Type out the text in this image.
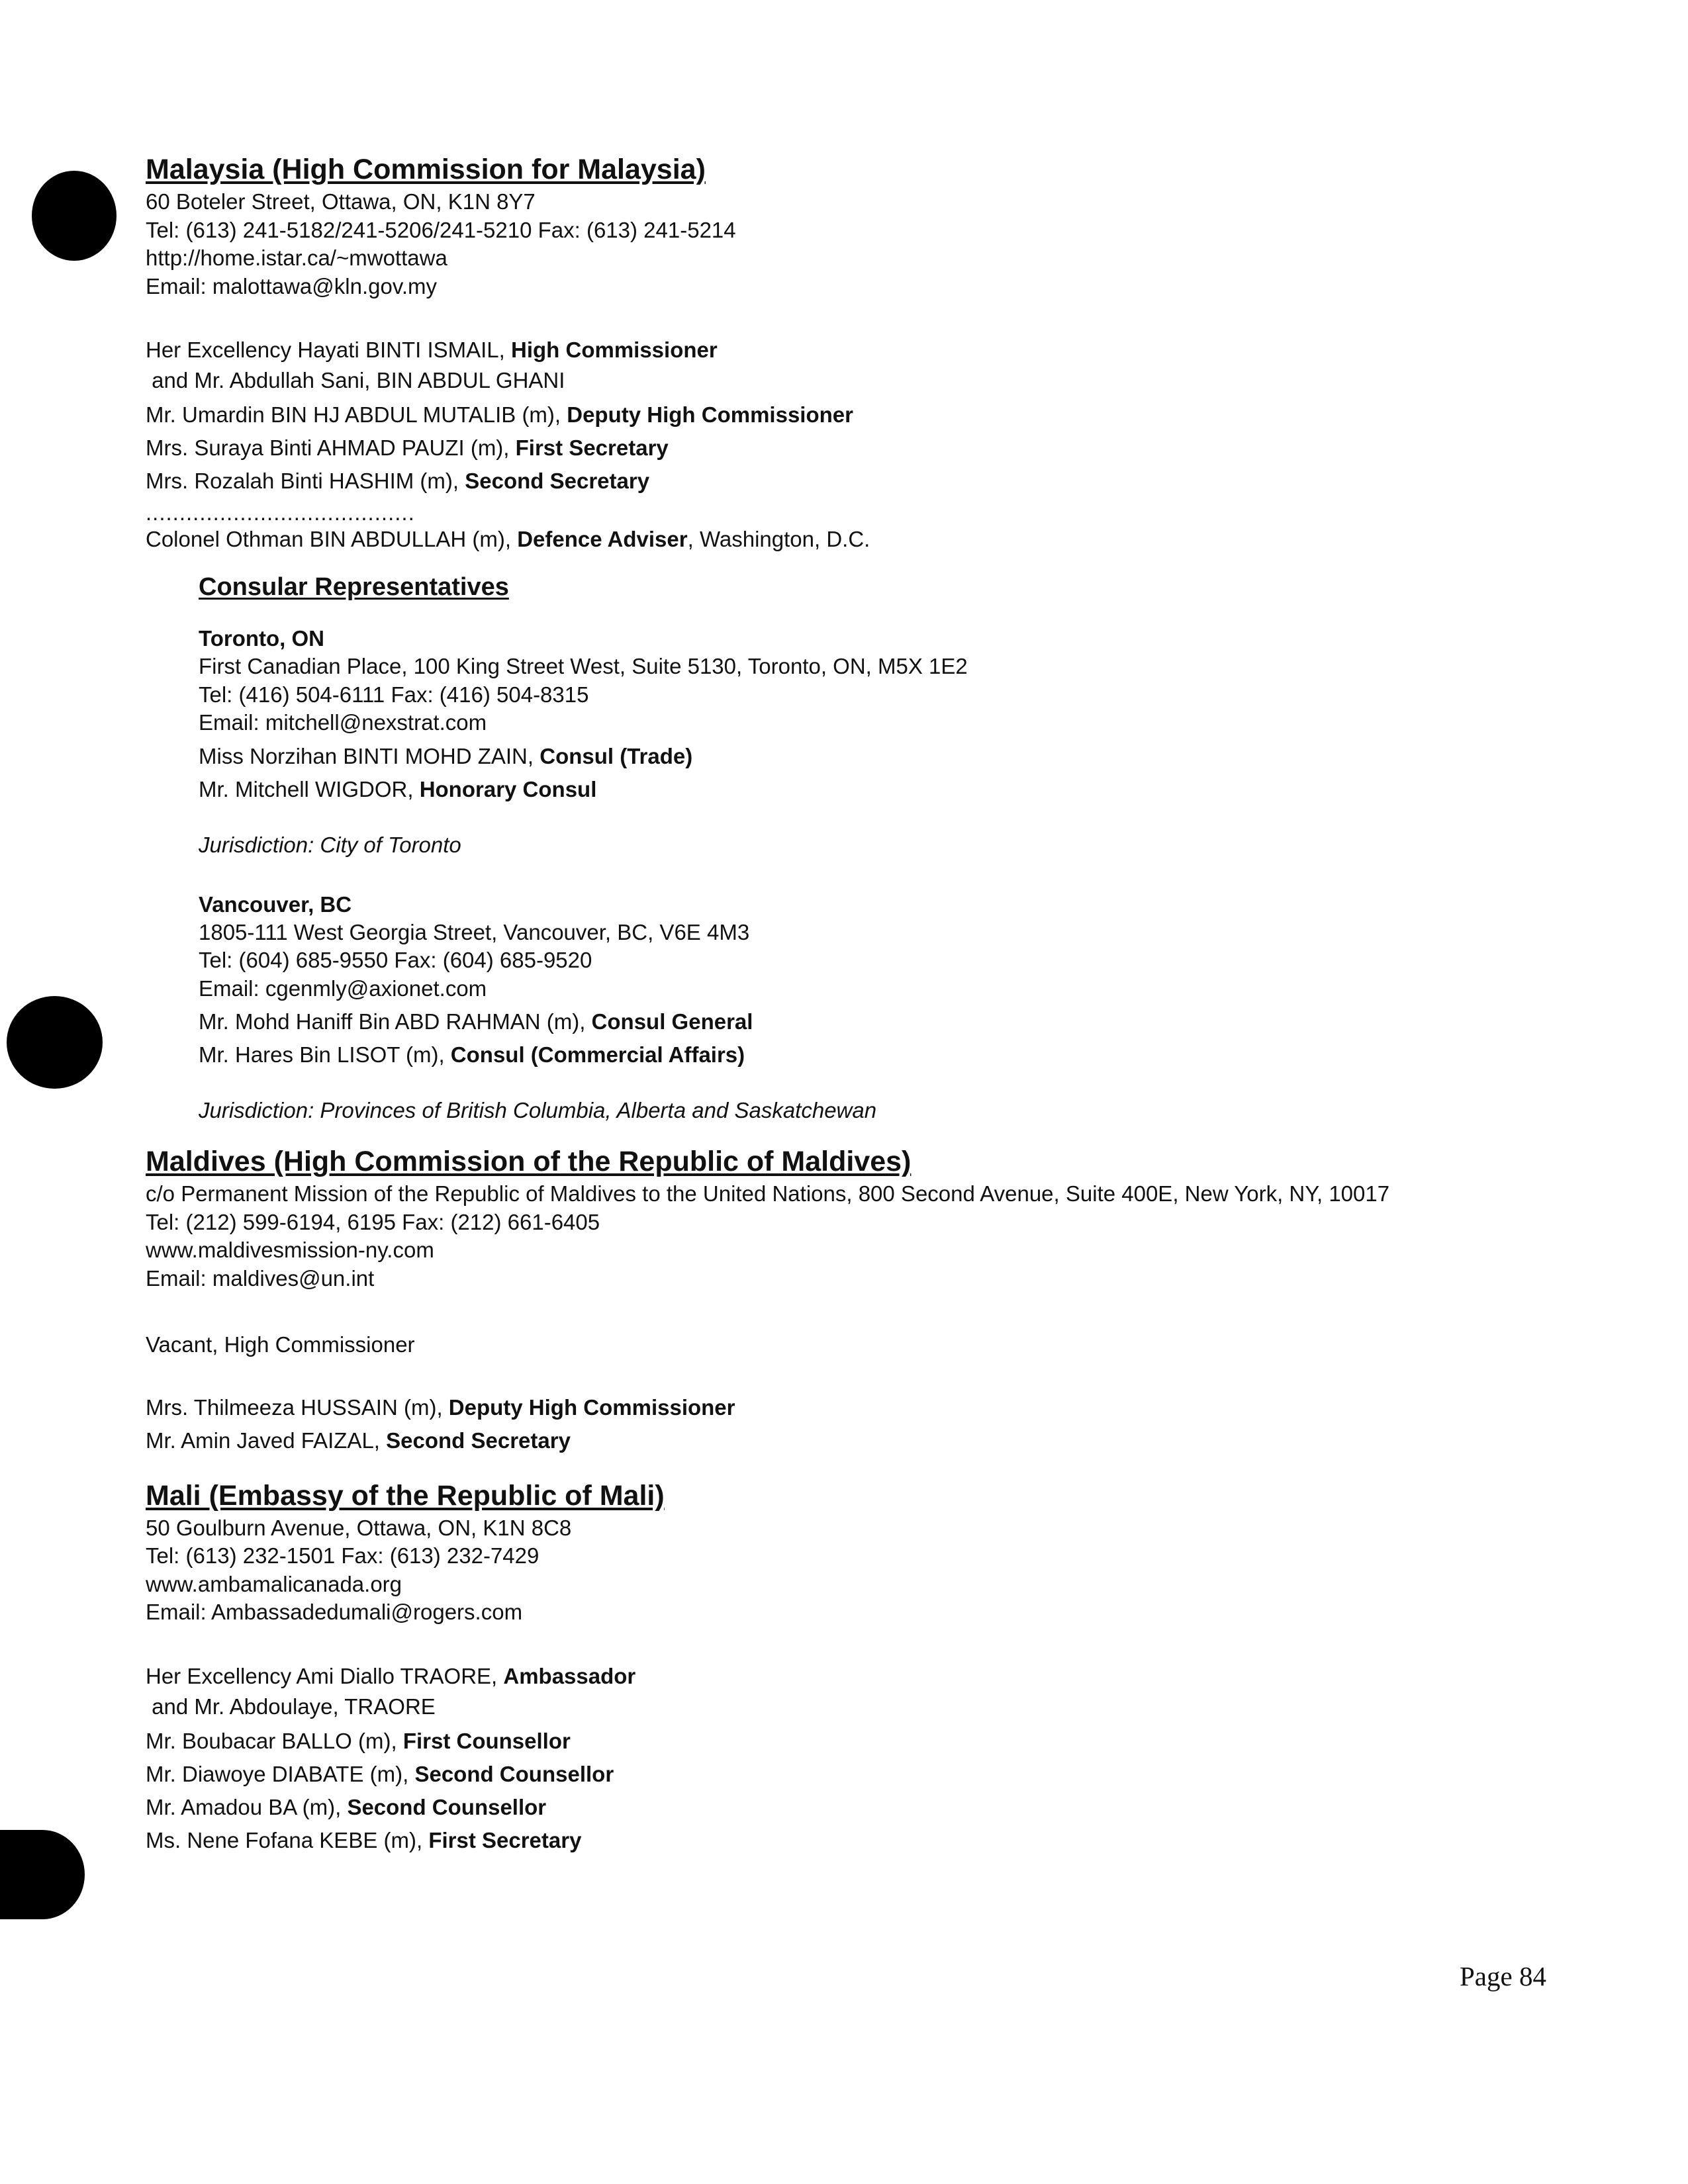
Malaysia (High Commission for Malaysia)
60 Boteler Street, Ottawa, ON, K1N 8Y7
Tel: (613) 241-5182/241-5206/241-5210 Fax: (613) 241-5214
http://home.istar.ca/~mwottawa
Email: malottawa@kln.gov.my
Her Excellency Hayati BINTI ISMAIL, High Commissioner
and Mr. Abdullah Sani, BIN ABDUL GHANI
Mr. Umardin BIN HJ ABDUL MUTALIB (m), Deputy High Commissioner
Mrs. Suraya Binti AHMAD PAUZI (m), First Secretary
Mrs. Rozalah Binti HASHIM (m), Second Secretary
........................................
Colonel Othman BIN ABDULLAH (m), Defence Adviser, Washington, D.C.
Consular Representatives
Toronto, ON
First Canadian Place, 100 King Street West, Suite 5130, Toronto, ON, M5X 1E2
Tel: (416) 504-6111 Fax: (416) 504-8315
Email: mitchell@nexstrat.com
Miss Norzihan BINTI MOHD ZAIN, Consul (Trade)
Mr. Mitchell WIGDOR, Honorary Consul
Jurisdiction: City of Toronto
Vancouver, BC
1805-111 West Georgia Street, Vancouver, BC, V6E 4M3
Tel: (604) 685-9550 Fax: (604) 685-9520
Email: cgenmly@axionet.com
Mr. Mohd Haniff Bin ABD RAHMAN (m), Consul General
Mr. Hares Bin LISOT (m), Consul (Commercial Affairs)
Jurisdiction: Provinces of British Columbia, Alberta and Saskatchewan
Maldives (High Commission of the Republic of Maldives)
c/o Permanent Mission of the Republic of Maldives to the United Nations, 800 Second Avenue, Suite 400E, New York, NY, 10017
Tel: (212) 599-6194, 6195 Fax: (212) 661-6405
www.maldivesmission-ny.com
Email: maldives@un.int
Vacant, High Commissioner
Mrs. Thilmeeza HUSSAIN (m), Deputy High Commissioner
Mr. Amin Javed FAIZAL, Second Secretary
Mali (Embassy of the Republic of Mali)
50 Goulburn Avenue, Ottawa, ON, K1N 8C8
Tel: (613) 232-1501 Fax: (613) 232-7429
www.ambamalicanada.org
Email: Ambassadedumali@rogers.com
Her Excellency Ami Diallo TRAORE, Ambassador
and Mr. Abdoulaye, TRAORE
Mr. Boubacar BALLO (m), First Counsellor
Mr. Diawoye DIABATE (m), Second Counsellor
Mr. Amadou BA (m), Second Counsellor
Ms. Nene Fofana KEBE (m), First Secretary
Page 84
